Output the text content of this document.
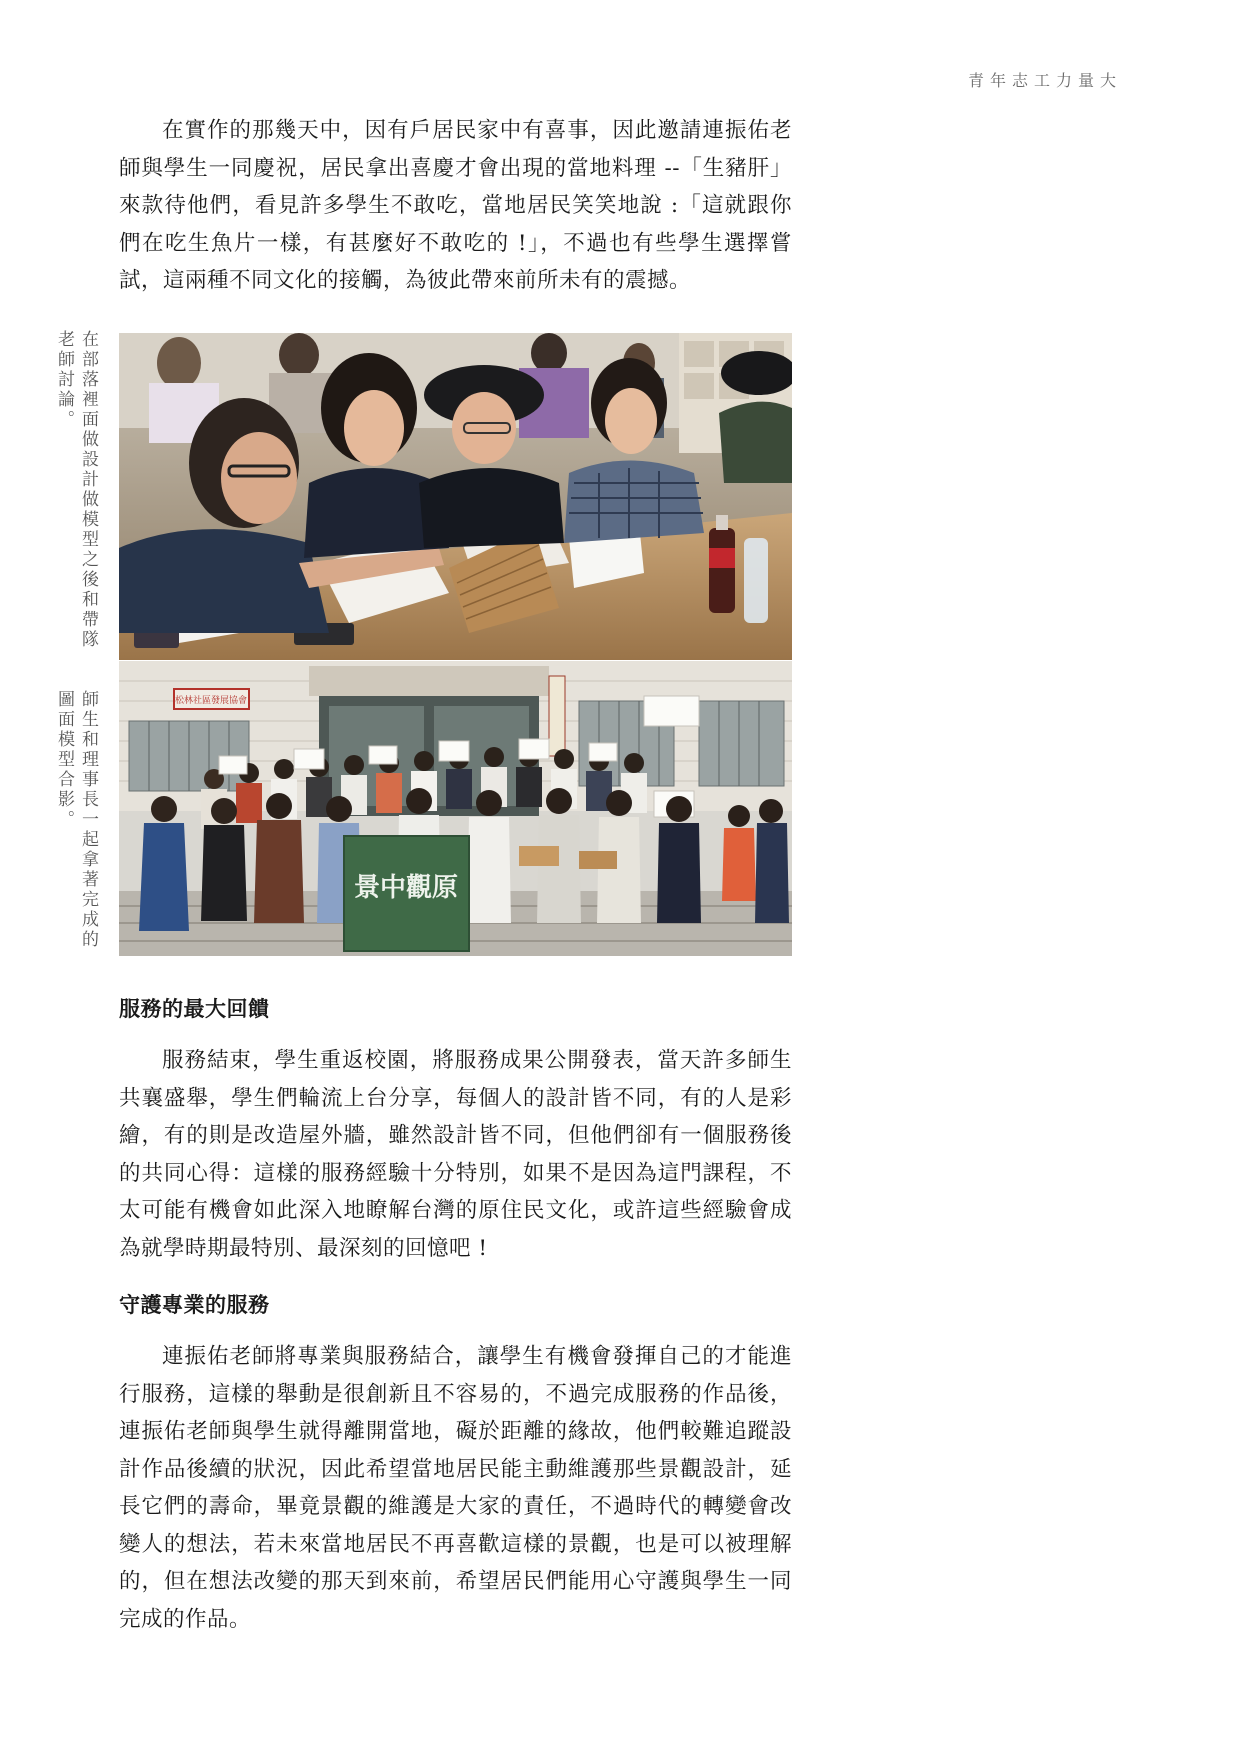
青年志工力量大

在實作的那幾天中，因有戶居民家中有喜事，因此邀請連振佑老師與學生一同慶祝，居民拿出喜慶才會出現的當地料理 --「生豬肝」來款待他們，看見許多學生不敢吃，當地居民笑笑地說 :「這就跟你們在吃生魚片一樣，有甚麼好不敢吃的 !」，不過也有些學生選擇嘗試，這兩種不同文化的接觸，為彼此帶來前所未有的震撼。

在部落裡面做設計做模型之後和帶隊老師討論。
師生和理事長一起拿著完成的圖面模型合影。	松林社區發展協會
景中觀原
服務的最大回饋

服務結束，學生重返校園，將服務成果公開發表，當天許多師生共襄盛舉，學生們輪流上台分享，每個人的設計皆不同，有的人是彩繪，有的則是改造屋外牆，雖然設計皆不同，但他們卻有一個服務後的共同心得：這樣的服務經驗十分特別，如果不是因為這門課程，不太可能有機會如此深入地瞭解台灣的原住民文化，或許這些經驗會成為就學時期最特別、最深刻的回憶吧 !

守護專業的服務

連振佑老師將專業與服務結合，讓學生有機會發揮自己的才能進行服務，這樣的舉動是很創新且不容易的，不過完成服務的作品後，連振佑老師與學生就得離開當地，礙於距離的緣故，他們較難追蹤設計作品後續的狀況，因此希望當地居民能主動維護那些景觀設計，延長它們的壽命，畢竟景觀的維護是大家的責任，不過時代的轉變會改變人的想法，若未來當地居民不再喜歡這樣的景觀，也是可以被理解的，但在想法改變的那天到來前，希望居民們能用心守護與學生一同完成的作品。
